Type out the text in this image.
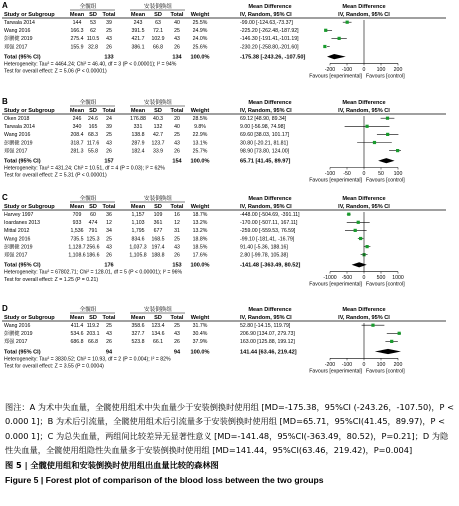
A	全髋组	安装倒换组	Mean Difference	Mean Difference
Study or Subgroup	Mean SD Total	Mean SD Total Weight	IV, Random, 95% CI	IV, Random, 95% CI
Tarwala 2014	144 53 39	243 63	40 25.5%	-99.00 [-124.63,-73.37]
Wang 2016	166.3 62 25	391.5 72.1 25 24.9%	-225.20 [-262.48,-187.92]
彭鹏健 2019	275.4 110.5 43	421.7 102.9 43 24.0%	-146.30 [-191.41,-101.19]
郑强 2017	155.9 32.8 26	386.1 66.8 26 25.6%	-230.20 [-258.80,-201.60]
Total (95% CI)	133	134 100.0%	-175.38 [-243.26, -107.50]
Heterogeneity: Tau² = 4464.24; Chi² = 46.40, df = 3 (P < 0.00001); I² = 94%
Test for overall effect: Z = 5.06 (P < 0.00001)	-200 -100 0 100 200
Favours [experimental] Favours [control]
B	全髋组	安装倒换组	Mean Difference	Mean Difference
Study or Subgroup	Mean SD Total	Mean SD Total Weight	IV, Random, 95% CI	IV, Random, 95% CI
Oken 2018	246 24.6 24	176.88 40.3 20 28.5%	69.12 [48.90, 89.34]
Tarwala 2014	340 165 39	331 132 40	9.8%	9.00 [-56.98, 74.98]
Wang 2016	208.4 68.3 25	138.8 42.7 25 22.9%	69.60 [38.03, 101.17]
彭鹏健 2019	318.7 117.6 43	287.9 123.7 43 13.1%	30.80 [-20.21, 81.81]
郑强 2017	281.3 55.8 26	182.4 33.9 26 25.7%	98.90 [73.80, 124.00]
Total (95% CI)	157	154 100.0%	65.71 [41.45, 89.97]
Heterogeneity: Tau² = 431.24; Chi² = 10.51, df = 4 (P = 0.03); I² = 62%
Test for overall effect: Z = 5.31 (P < 0.00001)	-100 -50 0 50 100
Favours [experimental] Favours [control]
C	全髋组	安装倒换组	Mean Difference	Mean Difference
Study or Subgroup	Mean SD Total	Mean SD Total Weight	IV, Random, 95% CI	IV, Random, 95% CI
Harvey 1997	709 60 36	1,157 109 16 18.7%	-448.00 [-504.69, -391.11]
Ioardanes 2013	933 474 12	1,103 361 12 13.2%	-170.00 [-507.11, 167.11]
Mittal 2012	1,536 791 34	1,795 677 31 13.2%	-259.00 [-559.53, 76.59]
Wang 2016	735.5 125.3 25	834.6 168.5 25 18.8%	-99.10 [-181.41, -16.79]
彭鹏健 2019	1,128.7 256.6 43	1,037.3 197.4 43 18.5%	91.40 [-5.36, 188.16]
郑强 2017	1,108.6 186.6 26	1,105.8 188.8 26 17.6%	2.80 [-99.78, 105.38]
Total (95% CI)	176	153 100.0%	-141.48 [-363.49, 80.52]
Heterogeneity: Tau² = 67802.71; Chi² = 128.01, df = 5 (P < 0.00001); I² = 96%
Test for overall effect: Z = 1.25 (P = 0.21)	-1000 -500 0 500 1000
Favours [experimental] Favours [control]
D	全髋组	安装倒换组	Mean Difference	Mean Difference
Study or Subgroup	Mean SD Total	Mean SD Total Weight	IV, Random, 95% CI	IV, Random, 95% CI
Wang 2016	411.4 119.2 25	358.6 123.4 25 31.7%	52.80 [-14.15, 119.79]
彭鹏健 2019	534.6 203.1 43	327.7 134.6 43 30.4%	206.90 [134.07, 279.73]
郑强 2017	686.8 66.8 26	523.8 66.1 26 37.9%	163.00 [125.88, 199.12]
Total (95% CI)	94	94 100.0%	141.44 [63.46, 219.42]
Heterogeneity: Tau² = 3830.52; Chi² = 10.93, df = 2 (P = 0.004); I² = 82%
Test for overall effect: Z = 3.55 (P = 0.0004)	-200 -100 0 100 200
Favours [experimental] Favours [control]
图注：A 为术中失血量，全髋使用组术中失血量少于安装倒换时使用组 [MD=-175.38，95%CI (-243.26，-107.50)，P < 0.000 1]；B 为术后引流量，全髋使用组术后引流量多于安装倒换时使用组 [MD=65.71，95%CI(41.45，89.97)，P < 0.000 1]；C 为总失血量，两组间比较差异无显著性意义 [MD=-141.48，95%CI(-363.49，80.52)，P=0.21]；D 为隐性失血量，全髋使用组隐性失血量多于安装倒换时使用组 [MD=141.44，95%CI(63.46，219.42)，P=0.004]
图 5 | 全髋使用组和安装倒换时使用组出血量比较的森林图
Figure 5 | Forest plot of comparison of the blood loss between the two groups
